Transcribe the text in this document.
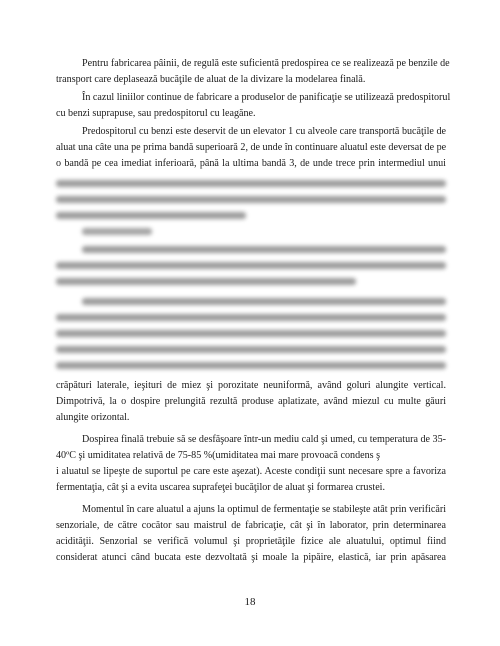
Pentru fabricarea pâinii, de regulă este suficientă predospirea ce se realizează pe benzile de
transport care deplasează bucăţile de aluat de la divizare la modelarea finală.
În cazul liniilor continue de fabricare a produselor de panificaţie se utilizează predospitorul
cu benzi suprapuse, sau predospitorul cu leagăne.
Predospitorul cu benzi este deservit de un elevator 1 cu alveole care transportă bucăţile de
aluat una câte una pe prima bandă superioară 2, de unde în continuare aluatul este deversat de pe
o bandă pe cea imediat inferioară, până la ultima bandă 3, de unde trece prin intermediul unui
crăpături laterale, ieşituri de miez şi porozitate neuniformă, având goluri alungite vertical.
Dimpotrivă, la o dospire prelungită rezultă produse aplatizate, având miezul cu multe găuri
alungite orizontal.
Dospirea finală trebuie să se desfăşoare într-un mediu cald şi umed, cu temperatura de 35-
40ºC şi umiditatea relativă de 75-85 %(umiditatea mai mare provoacă condens ş
i aluatul se lipeşte de suportul pe care este aşezat). Aceste condiţii sunt necesare spre a favoriza
fermentaţia, cât şi a evita uscarea suprafeţei bucăţilor de aluat şi formarea crustei.
Momentul în care aluatul a ajuns la optimul de fermentaţie se stabileşte atât prin verificări
senzoriale, de către cocător sau maistrul de fabricaţie, cât şi în laborator, prin determinarea
acidităţii. Senzorial se verifică volumul şi proprietăţile fizice ale aluatului, optimul fiind
considerat atunci când bucata este dezvoltată şi moale la pipăire, elastică, iar prin apăsarea
18
